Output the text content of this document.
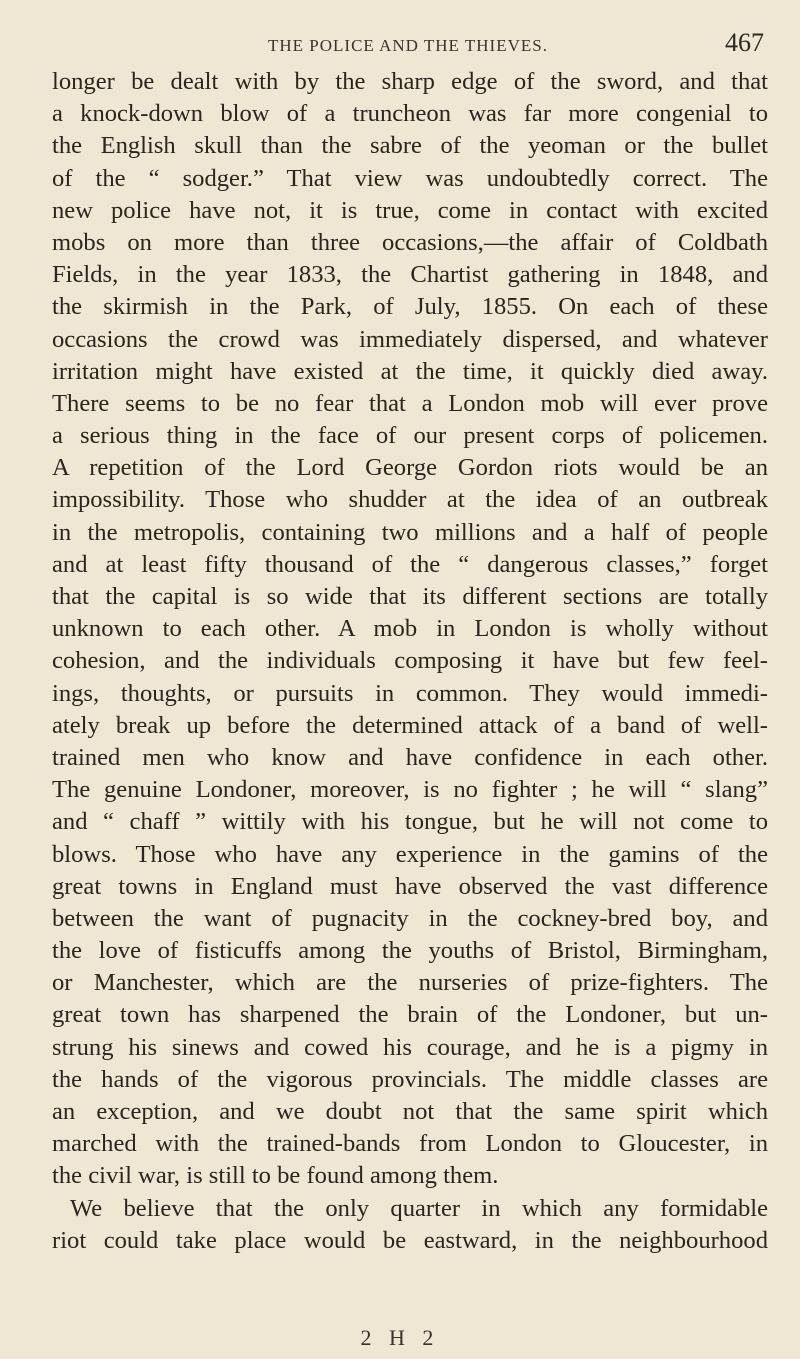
THE POLICE AND THE THIEVES.	467
longer be dealt with by the sharp edge of the sword, and that
a knock-down blow of a truncheon was far more congenial to
the English skull than the sabre of the yeoman or the bullet
of the “ sodger.” That view was undoubtedly correct. The
new police have not, it is true, come in contact with excited
mobs on more than three occasions,—the affair of Coldbath
Fields, in the year 1833, the Chartist gathering in 1848, and
the skirmish in the Park, of July, 1855. On each of these
occasions the crowd was immediately dispersed, and whatever
irritation might have existed at the time, it quickly died away.
There seems to be no fear that a London mob will ever prove
a serious thing in the face of our present corps of policemen.
A repetition of the Lord George Gordon riots would be an
impossibility. Those who shudder at the idea of an outbreak
in the metropolis, containing two millions and a half of people
and at least fifty thousand of the “ dangerous classes,” forget
that the capital is so wide that its different sections are totally
unknown to each other. A mob in London is wholly without
cohesion, and the individuals composing it have but few feel-
ings, thoughts, or pursuits in common. They would immedi-
ately break up before the determined attack of a band of well-
trained men who know and have confidence in each other.
The genuine Londoner, moreover, is no fighter ; he will “ slang”
and “ chaff ” wittily with his tongue, but he will not come to
blows. Those who have any experience in the gamins of the
great towns in England must have observed the vast difference
between the want of pugnacity in the cockney-bred boy, and
the love of fisticuffs among the youths of Bristol, Birmingham,
or Manchester, which are the nurseries of prize-fighters. The
great town has sharpened the brain of the Londoner, but un-
strung his sinews and cowed his courage, and he is a pigmy in
the hands of the vigorous provincials. The middle classes are
an exception, and we doubt not that the same spirit which
marched with the trained-bands from London to Gloucester, in
the civil war, is still to be found among them.
We believe that the only quarter in which any formidable
riot could take place would be eastward, in the neighbourhood
2 H 2
